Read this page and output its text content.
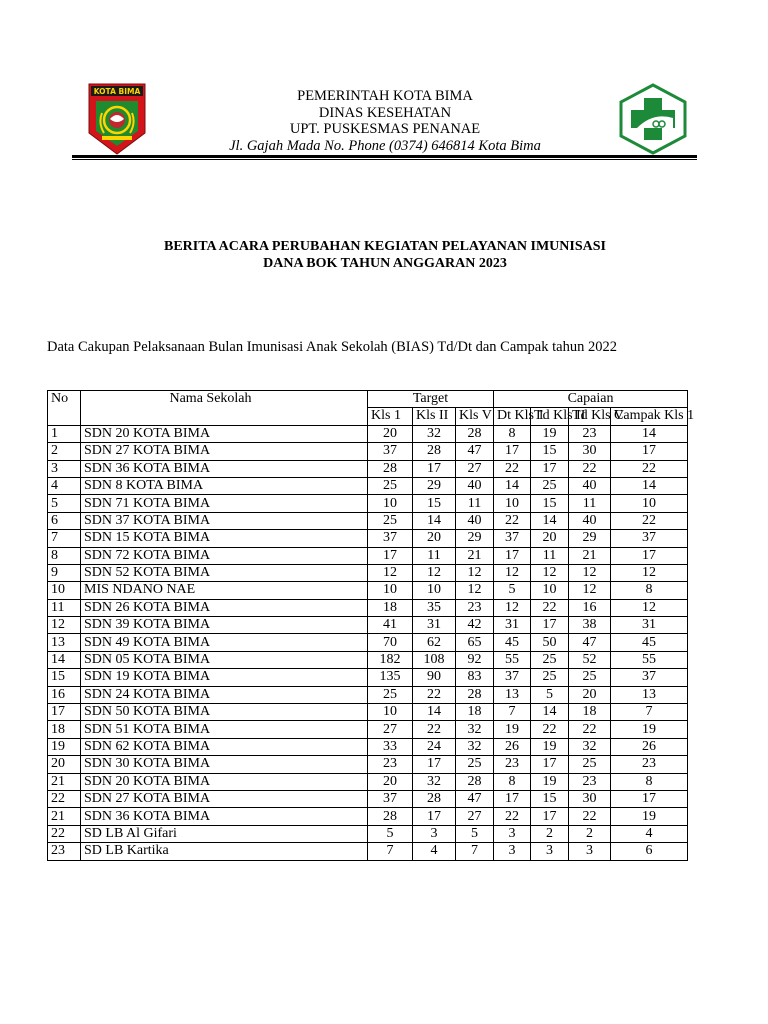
KOTA BIMA	PEMERINTAH KOTA BIMA
DINAS KESEHATAN
UPT. PUSKESMAS PENANAE
Jl. Gajah Mada No. Phone (0374) 646814 Kota Bima
BERITA ACARA PERUBAHAN KEGIATAN PELAYANAN IMUNISASI
DANA BOK TAHUN ANGGARAN 2023
Data Cakupan Pelaksanaan Bulan Imunisasi Anak Sekolah (BIAS) Td/Dt dan Campak tahun 2022
No	Nama Sekolah	Target			Capaian			
		Kls 1	Kls II	Kls V	Dt Kls 1	Td Kls II	Td Kls V	Campak Kls 1
1	SDN 20 KOTA BIMA	20	32	28	8	19	23	14
2	SDN 27 KOTA BIMA	37	28	47	17	15	30	17
3	SDN 36 KOTA BIMA	28	17	27	22	17	22	22
4	SDN 8 KOTA BIMA	25	29	40	14	25	40	14
5	SDN 71 KOTA BIMA	10	15	11	10	15	11	10
6	SDN 37 KOTA BIMA	25	14	40	22	14	40	22
7	SDN 15 KOTA BIMA	37	20	29	37	20	29	37
8	SDN 72 KOTA BIMA	17	11	21	17	11	21	17
9	SDN 52 KOTA BIMA	12	12	12	12	12	12	12
10	MIS NDANO NAE	10	10	12	5	10	12	8
11	SDN 26 KOTA BIMA	18	35	23	12	22	16	12
12	SDN 39 KOTA BIMA	41	31	42	31	17	38	31
13	SDN 49 KOTA BIMA	70	62	65	45	50	47	45
14	SDN 05 KOTA BIMA	182	108	92	55	25	52	55
15	SDN 19 KOTA BIMA	135	90	83	37	25	25	37
16	SDN 24 KOTA BIMA	25	22	28	13	5	20	13
17	SDN 50 KOTA BIMA	10	14	18	7	14	18	7
18	SDN 51 KOTA BIMA	27	22	32	19	22	22	19
19	SDN 62 KOTA BIMA	33	24	32	26	19	32	26
20	SDN 30 KOTA BIMA	23	17	25	23	17	25	23
21	SDN 20 KOTA BIMA	20	32	28	8	19	23	8
22	SDN 27 KOTA BIMA	37	28	47	17	15	30	17
21	SDN 36 KOTA BIMA	28	17	27	22	17	22	19
22	SD LB Al Gifari	5	3	5	3	2	2	4
23	SD LB Kartika	7	4	7	3	3	3	6
